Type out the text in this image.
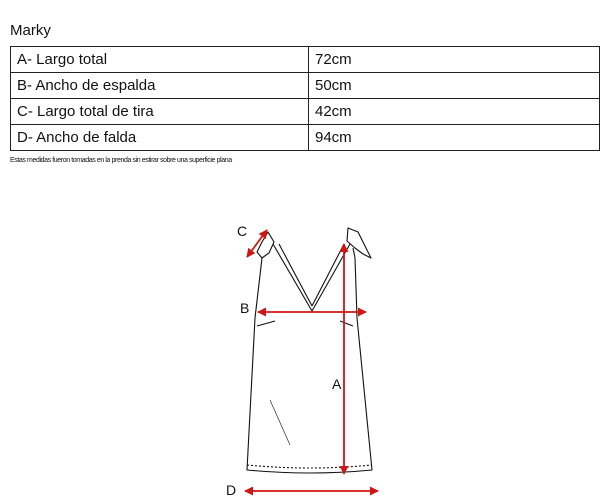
Marky
A- Largo total	72cm
B- Ancho de espalda	50cm
C- Largo total de tira	42cm
D- Ancho de falda	94cm
Estas medidas fueron tomadas en la prenda sin estirar sobre una superficie plana
C
B
A
D
